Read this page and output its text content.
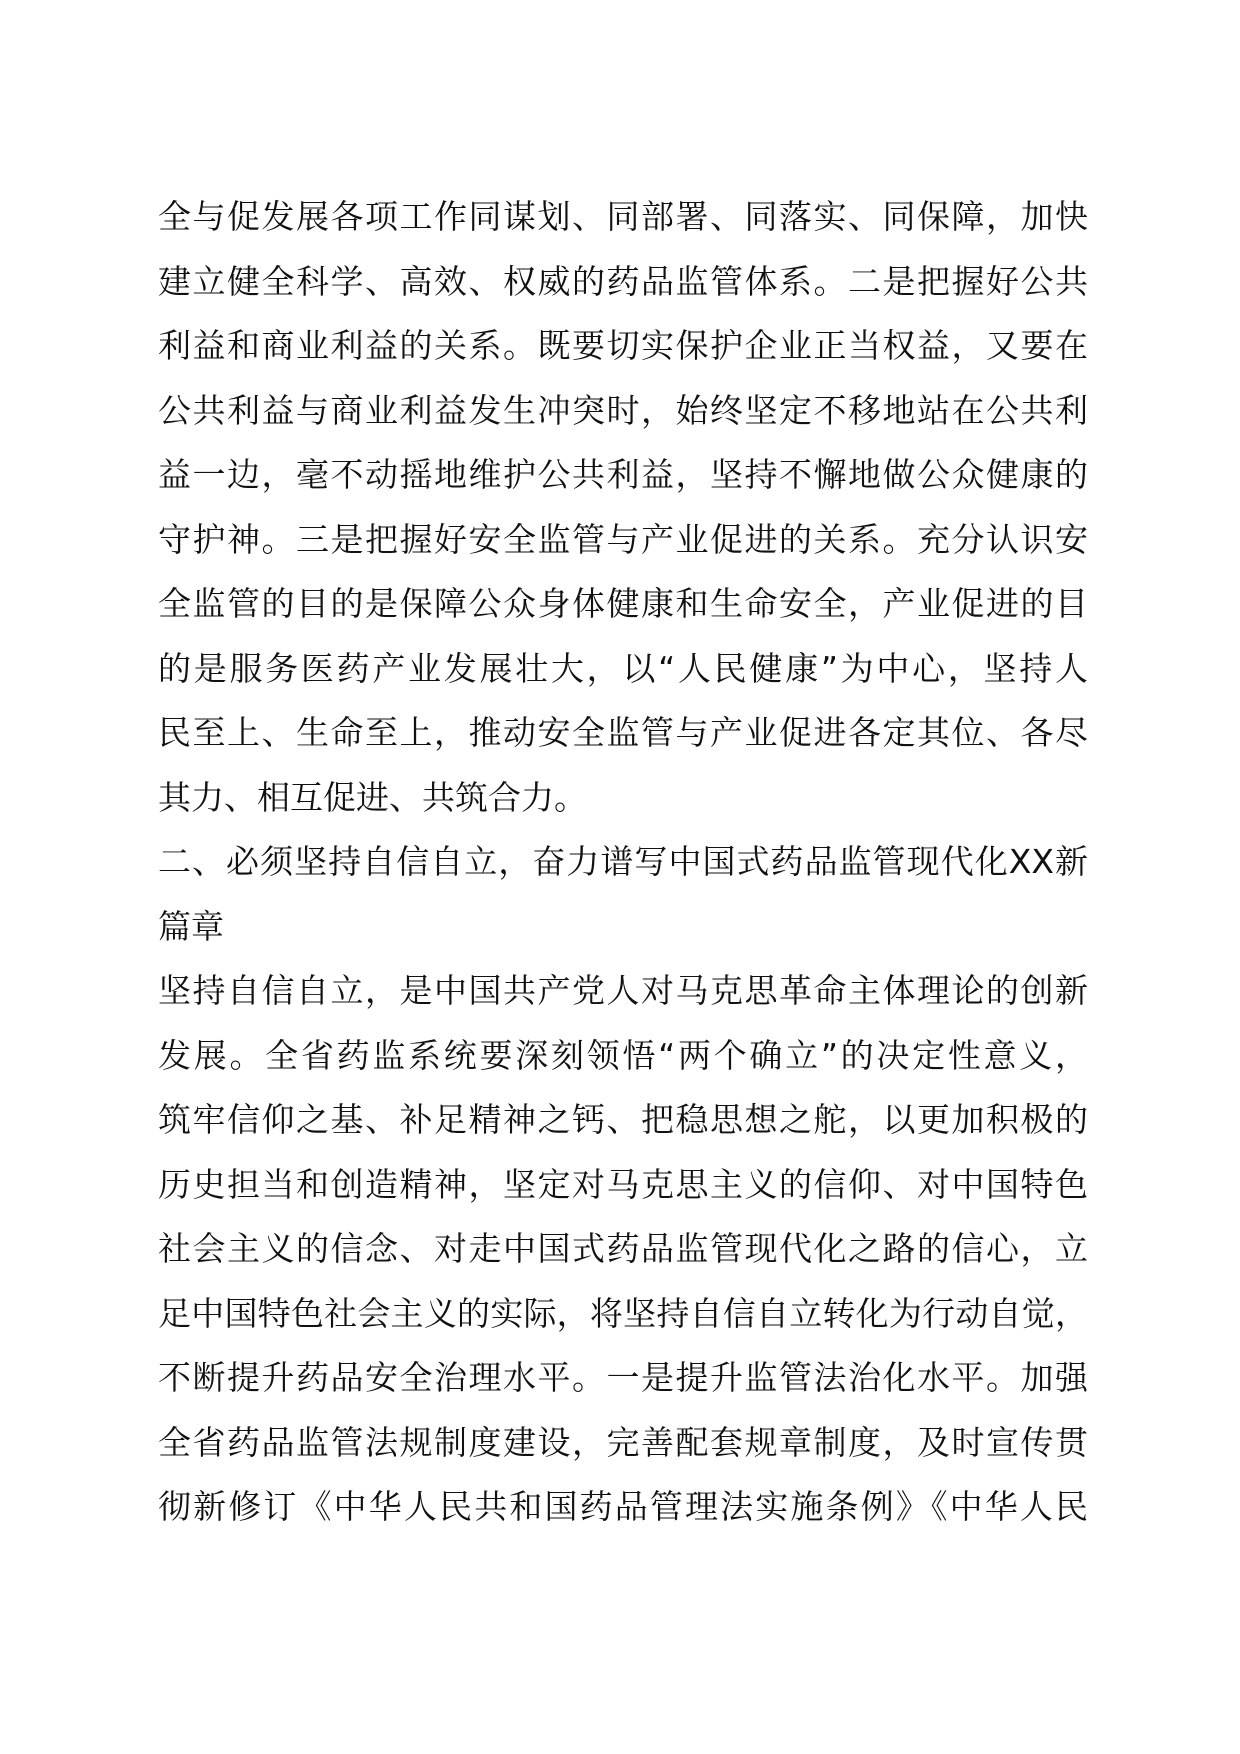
全与促发展各项工作同谋划、同部署、同落实、同保障，加快
建立健全科学、高效、权威的药品监管体系。二是把握好公共
利益和商业利益的关系。既要切实保护企业正当权益，又要在
公共利益与商业利益发生冲突时，始终坚定不移地站在公共利
益一边，毫不动摇地维护公共利益，坚持不懈地做公众健康的
守护神。三是把握好安全监管与产业促进的关系。充分认识安
全监管的目的是保障公众身体健康和生命安全，产业促进的目
的是服务医药产业发展壮大，以“人民健康”为中心，坚持人
民至上、生命至上，推动安全监管与产业促进各定其位、各尽
其力、相互促进、共筑合力。
二、必须坚持自信自立，奋力谱写中国式药品监管现代化XX新
篇章
坚持自信自立，是中国共产党人对马克思革命主体理论的创新
发展。全省药监系统要深刻领悟“两个确立”的决定性意义，
筑牢信仰之基、补足精神之钙、把稳思想之舵，以更加积极的
历史担当和创造精神，坚定对马克思主义的信仰、对中国特色
社会主义的信念、对走中国式药品监管现代化之路的信心，立
足中国特色社会主义的实际，将坚持自信自立转化为行动自觉，
不断提升药品安全治理水平。一是提升监管法治化水平。加强
全省药品监管法规制度建设，完善配套规章制度，及时宣传贯
彻新修订《中华人民共和国药品管理法实施条例》《中华人民
